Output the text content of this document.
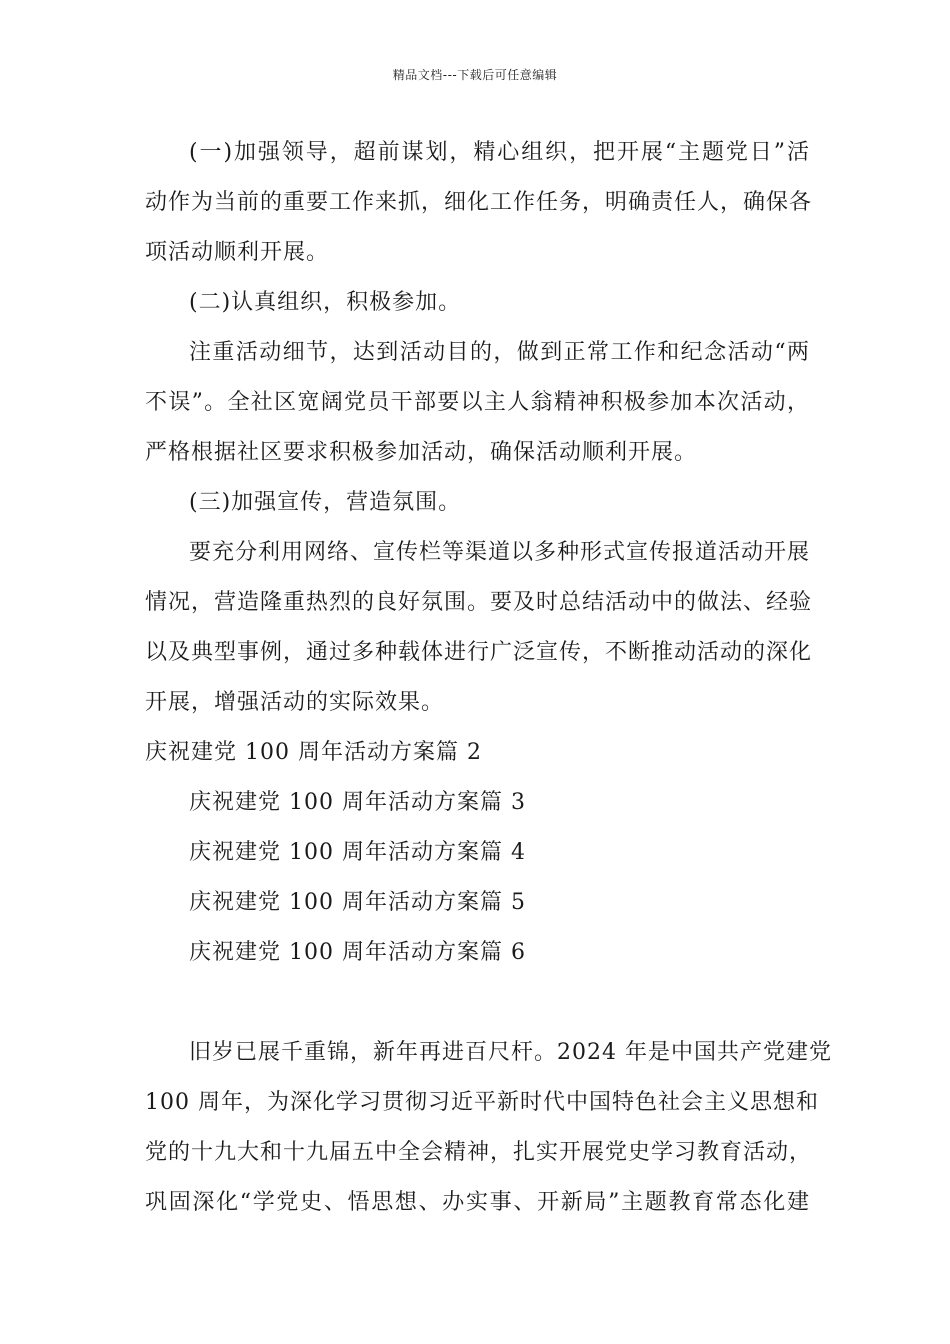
精品文档---下载后可任意编辑
(一)加强领导，超前谋划，精心组织，把开展“主题党日”活
动作为当前的重要工作来抓，细化工作任务，明确责任人，确保各
项活动顺利开展。
(二)认真组织，积极参加。
注重活动细节，达到活动目的，做到正常工作和纪念活动“两
不误”。全社区宽阔党员干部要以主人翁精神积极参加本次活动，
严格根据社区要求积极参加活动，确保活动顺利开展。
(三)加强宣传，营造氛围。
要充分利用网络、宣传栏等渠道以多种形式宣传报道活动开展
情况，营造隆重热烈的良好氛围。要及时总结活动中的做法、经验
以及典型事例，通过多种载体进行广泛宣传，不断推动活动的深化
开展，增强活动的实际效果。
庆祝建党 100 周年活动方案篇 2
庆祝建党 100 周年活动方案篇 3
庆祝建党 100 周年活动方案篇 4
庆祝建党 100 周年活动方案篇 5
庆祝建党 100 周年活动方案篇 6
旧岁已展千重锦，新年再进百尺杆。2024 年是中国共产党建党
100 周年，为深化学习贯彻习近平新时代中国特色社会主义思想和
党的十九大和十九届五中全会精神，扎实开展党史学习教育活动，
巩固深化“学党史、悟思想、办实事、开新局”主题教育常态化建
